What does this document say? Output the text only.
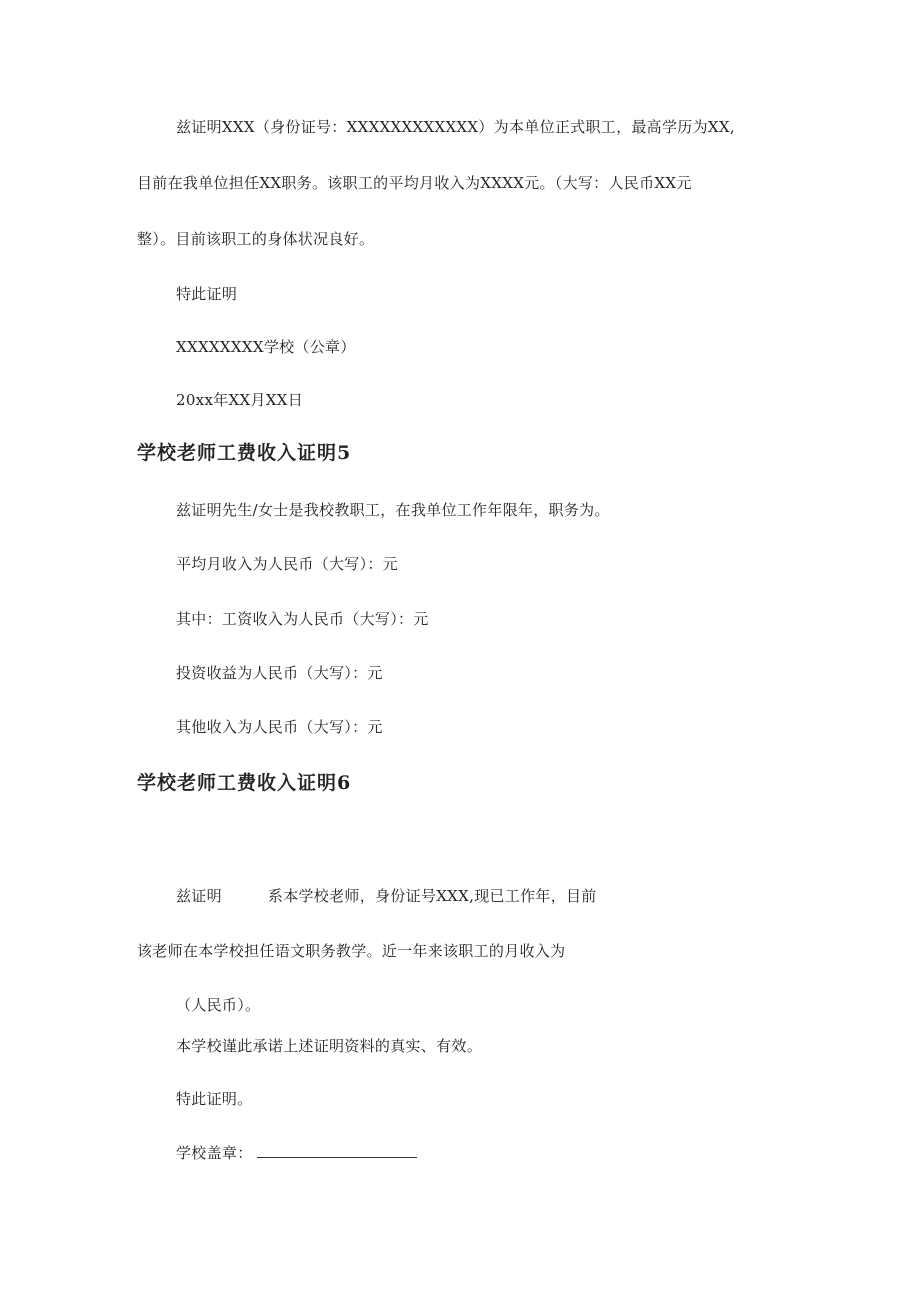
兹证明XXX（身份证号：XXXXXXXXXXXX）为本单位正式职工，最高学历为XX,
目前在我单位担任XX职务。该职工的平均月收入为XXXX元。（大写：人民币XX元
整）。目前该职工的身体状况良好。
特此证明
XXXXXXXX学校（公章）
20xx年XX月XX日
学校老师工费收入证明5
兹证明先生/女士是我校教职工，在我单位工作年限年，职务为。
平均月收入为人民币（大写）：元
其中：工资收入为人民币（大写）：元
投资收益为人民币（大写）：元
其他收入为人民币（大写）：元
学校老师工费收入证明6
兹证明	系本学校老师，身份证号XXX,现已工作年，目前
该老师在本学校担任语文职务教学。近一年来该职工的月收入为
（人民币）。
本学校谨此承诺上述证明资料的真实、有效。
特此证明。
学校盖章：
